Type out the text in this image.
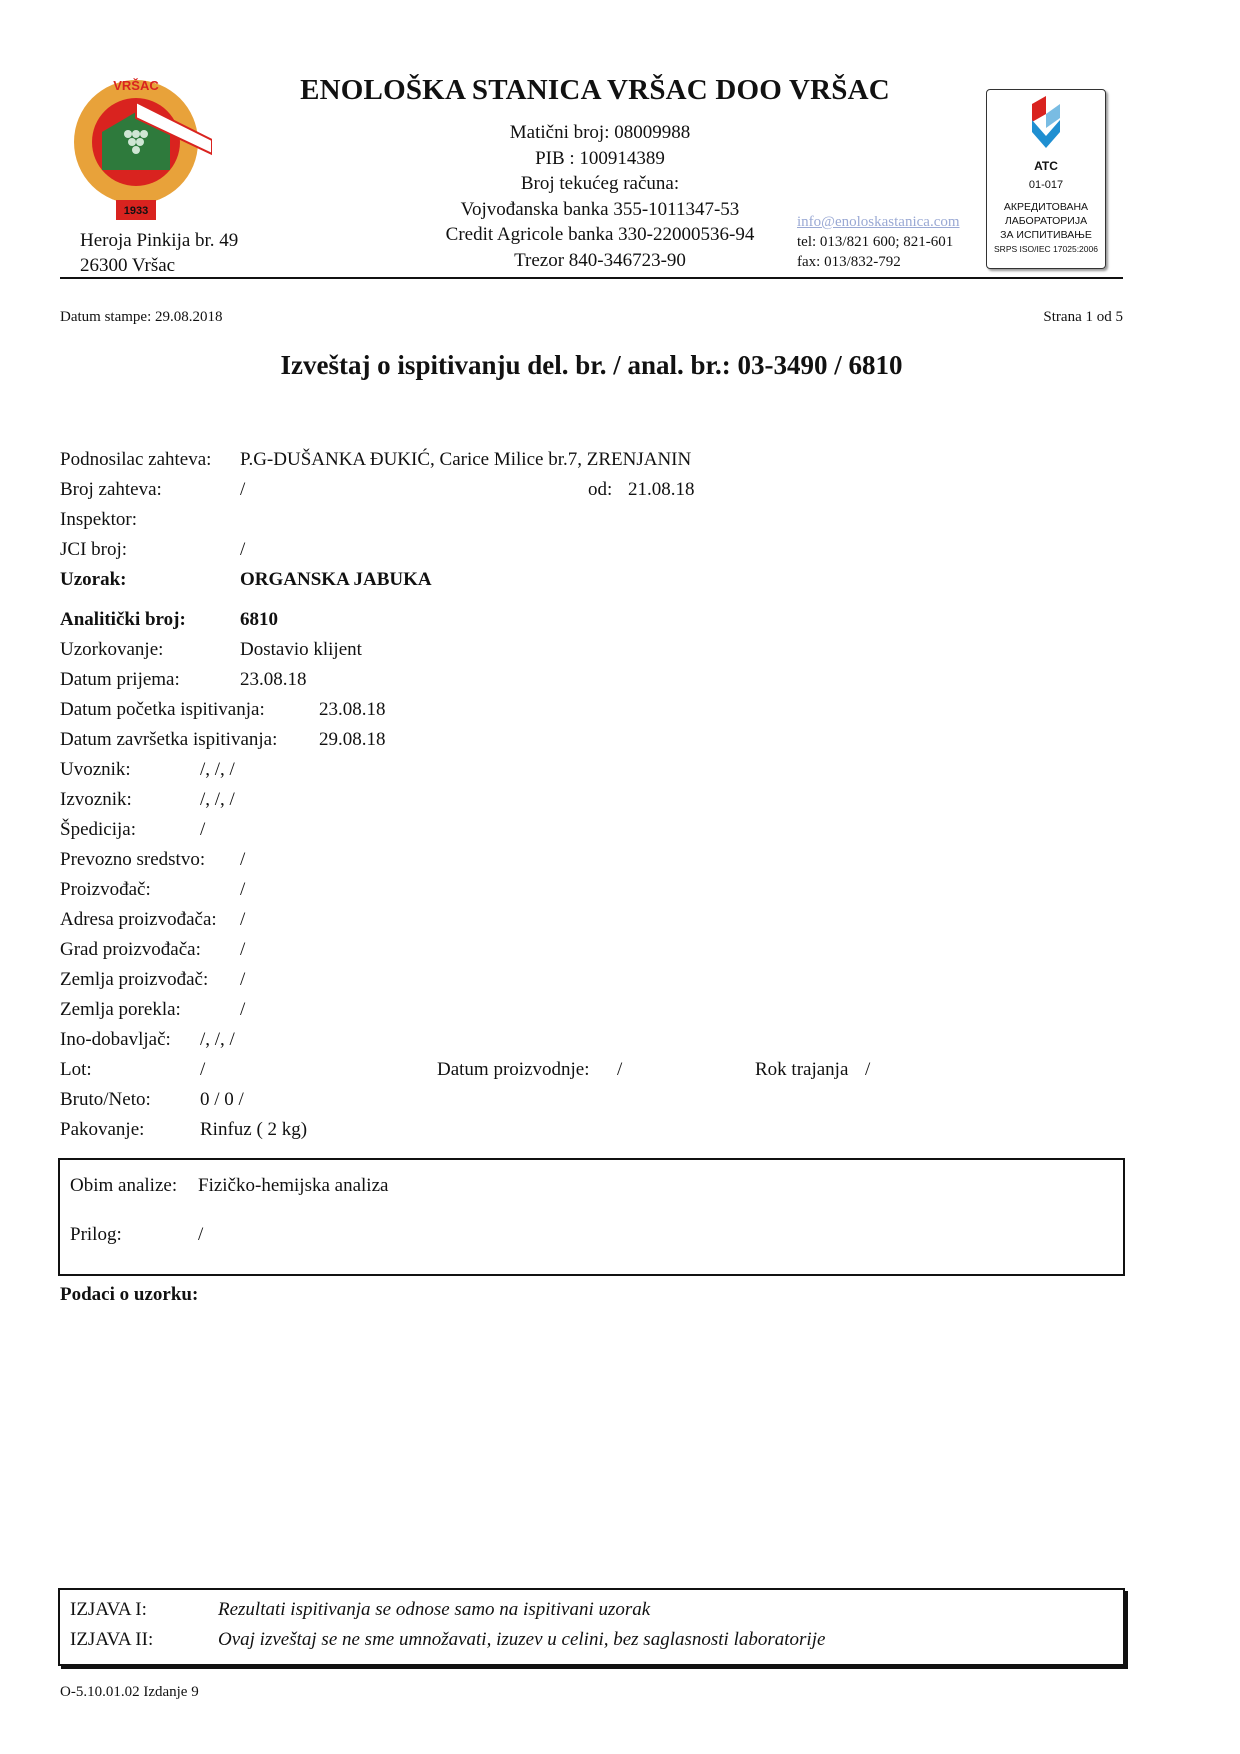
VRŠAC
1933
Heroja Pinkija br. 49
26300 Vršac
ENOLOŠKA STANICA VRŠAC DOO VRŠAC
Matični broj: 08009988
PIB : 100914389
Broj tekućeg računa:
Vojvođanska banka 355-1011347-53
Credit Agricole banka 330-22000536-94
Trezor 840-346723-90
info@enoloskastanica.com
tel: 013/821 600; 821-601
fax: 013/832-792
ATC
01-017
АКРЕДИТОВАНА
ЛАБОРАТОРИЈА
ЗА ИСПИТИВАЊЕ
SRPS ISO/IEC 17025:2006
Datum stampe: 29.08.2018	Strana 1 od 5
Izveštaj o ispitivanju del. br. / anal. br.: 03-3490 / 6810
Podnosilac zahteva: P.G-DUŠANKA ĐUKIĆ, Carice Milice br.7, ZRENJANIN
Broj zahteva:	/	od: 21.08.18
Inspektor:
JCI broj:	/
Uzorak:	ORGANSKA JABUKA
Analitički broj:	6810
Uzorkovanje:	Dostavio klijent
Datum prijema:	23.08.18
Datum početka ispitivanja:	23.08.18
Datum završetka ispitivanja: 29.08.18
Uvoznik:	/, /, /
Izvoznik:	/, /, /
Špedicija:	/
Prevozno sredstvo: /
Proizvođač:	/
Adresa proizvođača: /
Grad proizvođača: /
Zemlja proizvođač: /
Zemlja porekla:	/
Ino-dobavljač: /, /, /
Lot:	/	Datum proizvodnje: /	Rok trajanja /
Bruto/Neto:	0 / 0 /
Pakovanje:	Rinfuz ( 2 kg)
Obim analize: Fizičko-hemijska analiza
Prilog:	/
Podaci o uzorku:
IZJAVA I:	Rezultati ispitivanja se odnose samo na ispitivani uzorak
IZJAVA II:	Ovaj izveštaj se ne sme umnožavati, izuzev u celini, bez saglasnosti laboratorije
O-5.10.01.02 Izdanje 9
